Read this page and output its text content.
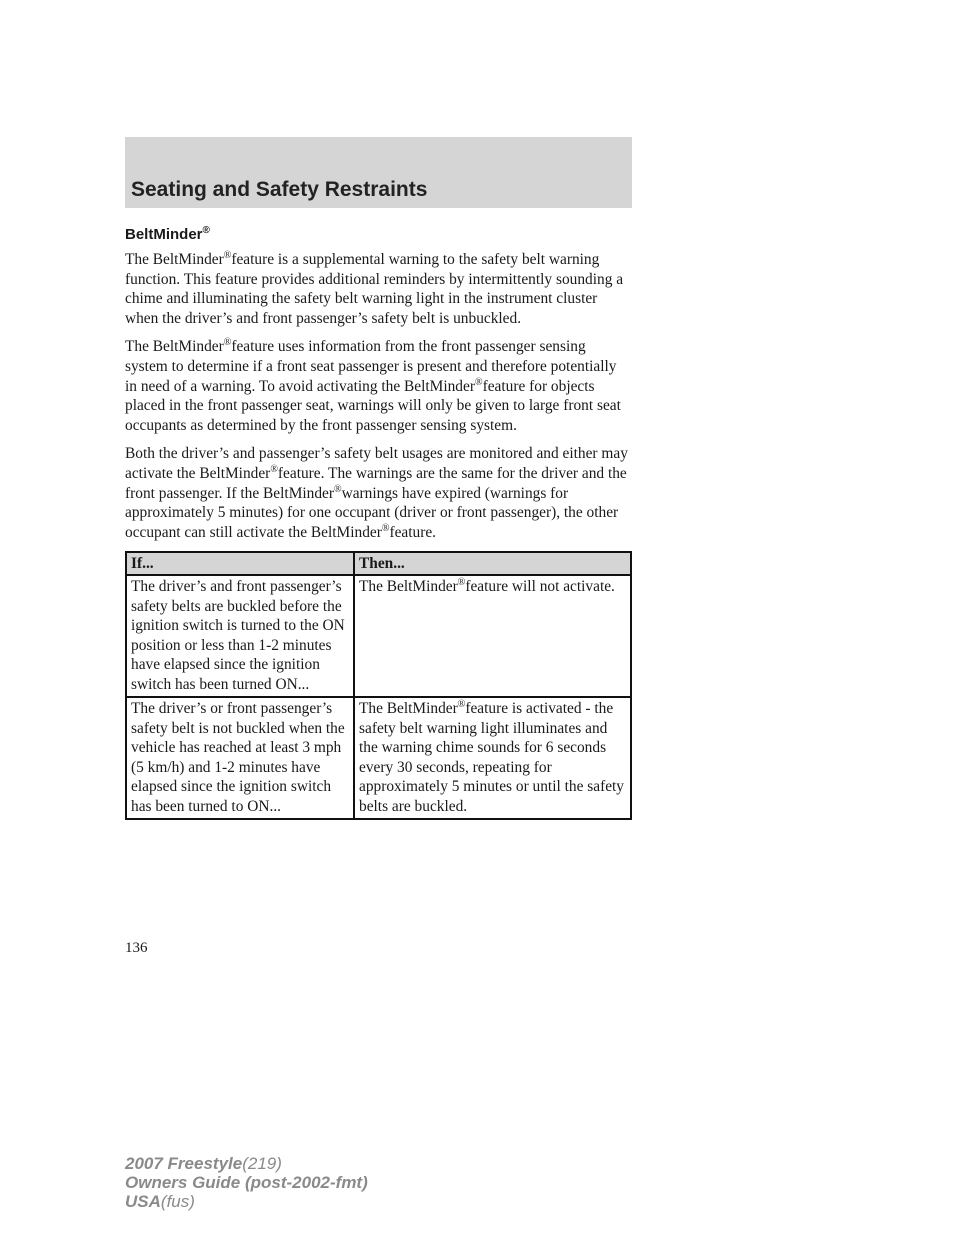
Seating and Safety Restraints
BeltMinder®

The BeltMinder®feature is a supplemental warning to the safety belt warning function. This feature provides additional reminders by intermittently sounding a chime and illuminating the safety belt warning light in the instrument cluster when the driver’s and front passenger’s safety belt is unbuckled.

The BeltMinder®feature uses information from the front passenger sensing system to determine if a front seat passenger is present and therefore potentially in need of a warning. To avoid activating the BeltMinder®feature for objects placed in the front passenger seat, warnings will only be given to large front seat occupants as determined by the front passenger sensing system.

Both the driver’s and passenger’s safety belt usages are monitored and either may activate the BeltMinder®feature. The warnings are the same for the driver and the front passenger. If the BeltMinder®warnings have expired (warnings for approximately 5 minutes) for one occupant (driver or front passenger), the other occupant can still activate the BeltMinder®feature.

If...	Then...
The driver’s and front passenger’s safety belts are buckled before the ignition switch is turned to the ON position or less than 1-2 minutes have elapsed since the ignition switch has been turned ON...	The BeltMinder®feature will not activate.
The driver’s or front passenger’s safety belt is not buckled when the vehicle has reached at least 3 mph (5 km/h) and 1-2 minutes have elapsed since the ignition switch has been turned to ON...	The BeltMinder®feature is activated - the safety belt warning light illuminates and the warning chime sounds for 6 seconds every 30 seconds, repeating for approximately 5 minutes or until the safety belts are buckled.

136

2007 Freestyle(219)
Owners Guide (post-2002-fmt)
USA(fus)
